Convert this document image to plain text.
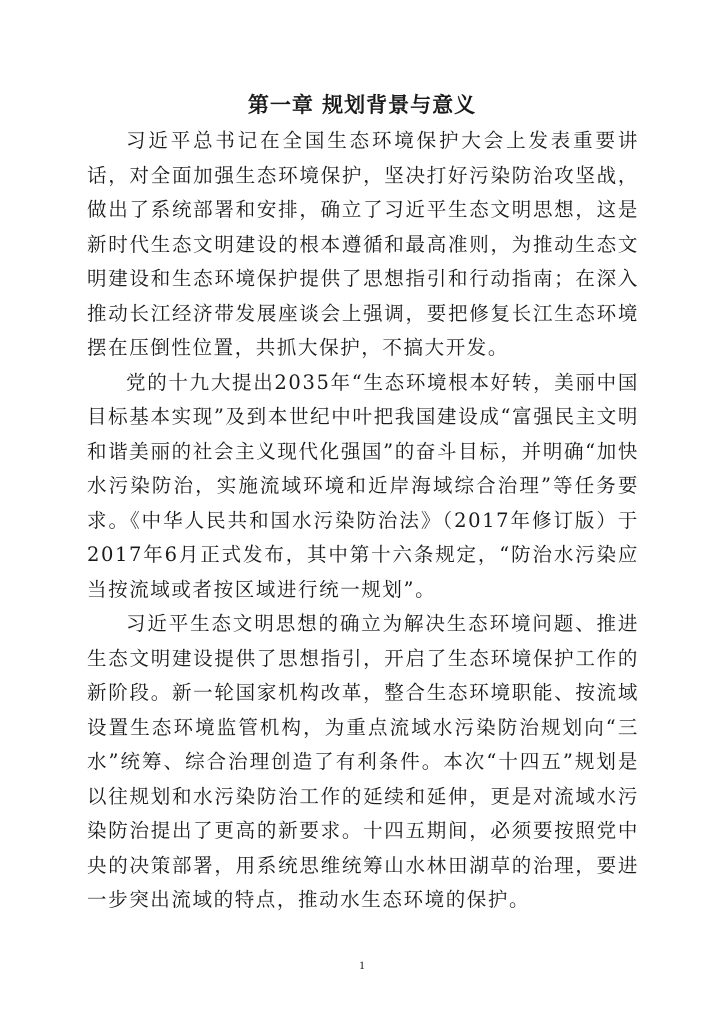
第一章 规划背景与意义

习近平总书记在全国生态环境保护大会上发表重要讲话，对全面加强生态环境保护，坚决打好污染防治攻坚战，做出了系统部署和安排，确立了习近平生态文明思想，这是新时代生态文明建设的根本遵循和最高准则，为推动生态文明建设和生态环境保护提供了思想指引和行动指南；在深入推动长江经济带发展座谈会上强调，要把修复长江生态环境摆在压倒性位置，共抓大保护，不搞大开发。

党的十九大提出2035年“生态环境根本好转，美丽中国目标基本实现”及到本世纪中叶把我国建设成“富强民主文明和谐美丽的社会主义现代化强国”的奋斗目标，并明确“加快水污染防治，实施流域环境和近岸海域综合治理”等任务要求。《中华人民共和国水污染防治法》（2017年修订版）于2017年6月正式发布，其中第十六条规定，“防治水污染应当按流域或者按区域进行统一规划”。

习近平生态文明思想的确立为解决生态环境问题、推进生态文明建设提供了思想指引，开启了生态环境保护工作的新阶段。新一轮国家机构改革，整合生态环境职能、按流域设置生态环境监管机构，为重点流域水污染防治规划向“三水”统筹、综合治理创造了有利条件。本次“十四五”规划是以往规划和水污染防治工作的延续和延伸，更是对流域水污染防治提出了更高的新要求。十四五期间，必须要按照党中央的决策部署，用系统思维统筹山水林田湖草的治理，要进一步突出流域的特点，推动水生态环境的保护。

1
